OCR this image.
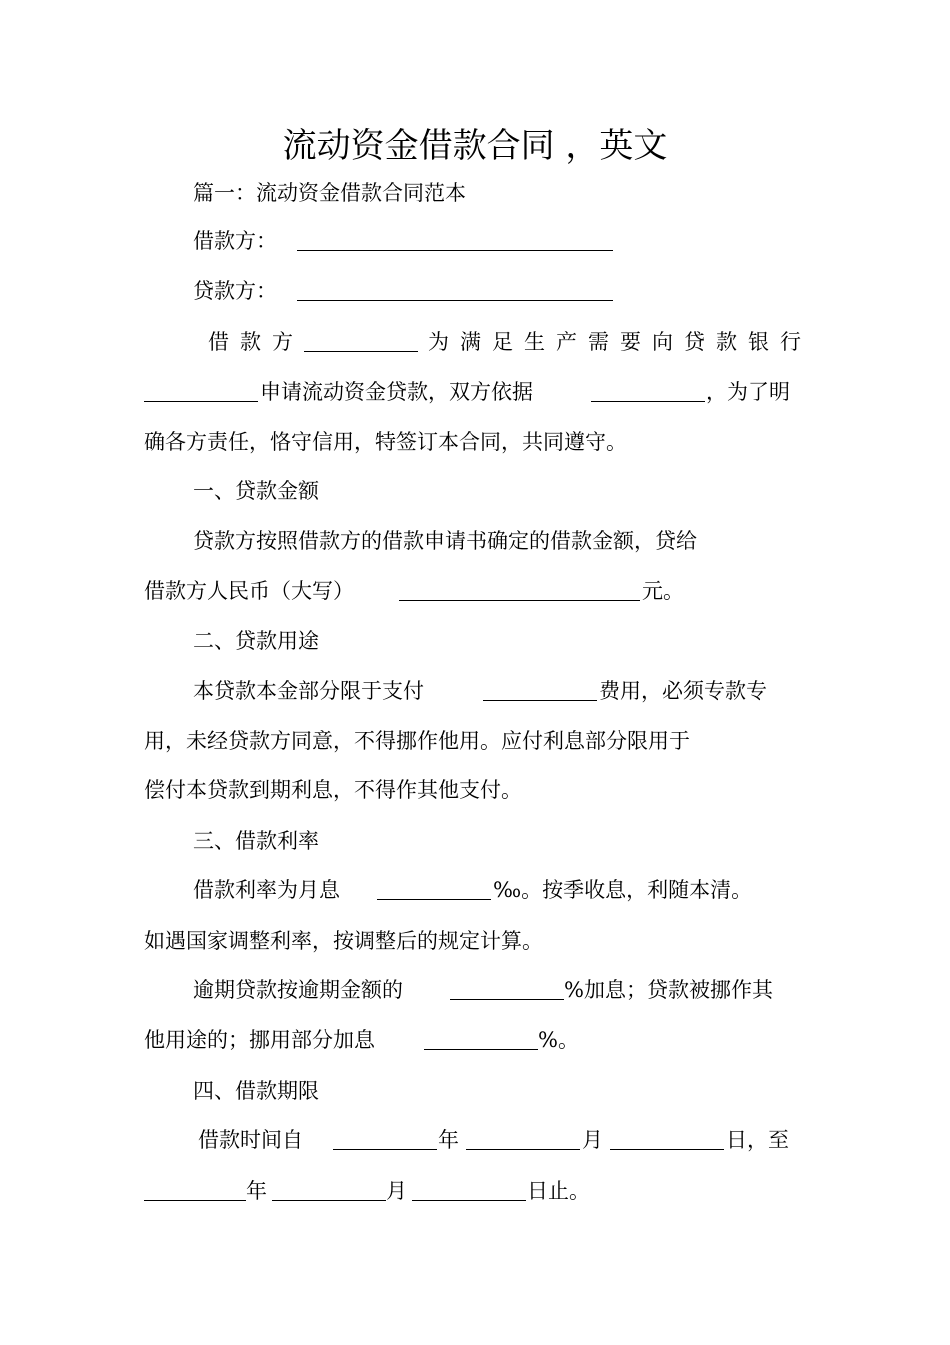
流动资金借款合同 ，英文
篇一：流动资金借款合同范本
借款方：
贷款方：
借款方	为满足生产需要向贷款银行
申请流动资金贷款，双方依据	，为了明
确各方责任，恪守信用，特签订本合同，共同遵守。
一、贷款金额
贷款方按照借款方的借款申请书确定的借款金额，贷给
借款方人民币（大写）	元。
二、贷款用途
本贷款本金部分限于支付	费用，必须专款专
用，未经贷款方同意，不得挪作他用。应付利息部分限用于
偿付本贷款到期利息，不得作其他支付。
三、借款利率
借款利率为月息	‰。按季收息，利随本清。
如遇国家调整利率，按调整后的规定计算。
逾期贷款按逾期金额的	%加息；贷款被挪作其
他用途的；挪用部分加息	%。
四、借款期限
借款时间自	年	月	日，至
年	月	日止。
